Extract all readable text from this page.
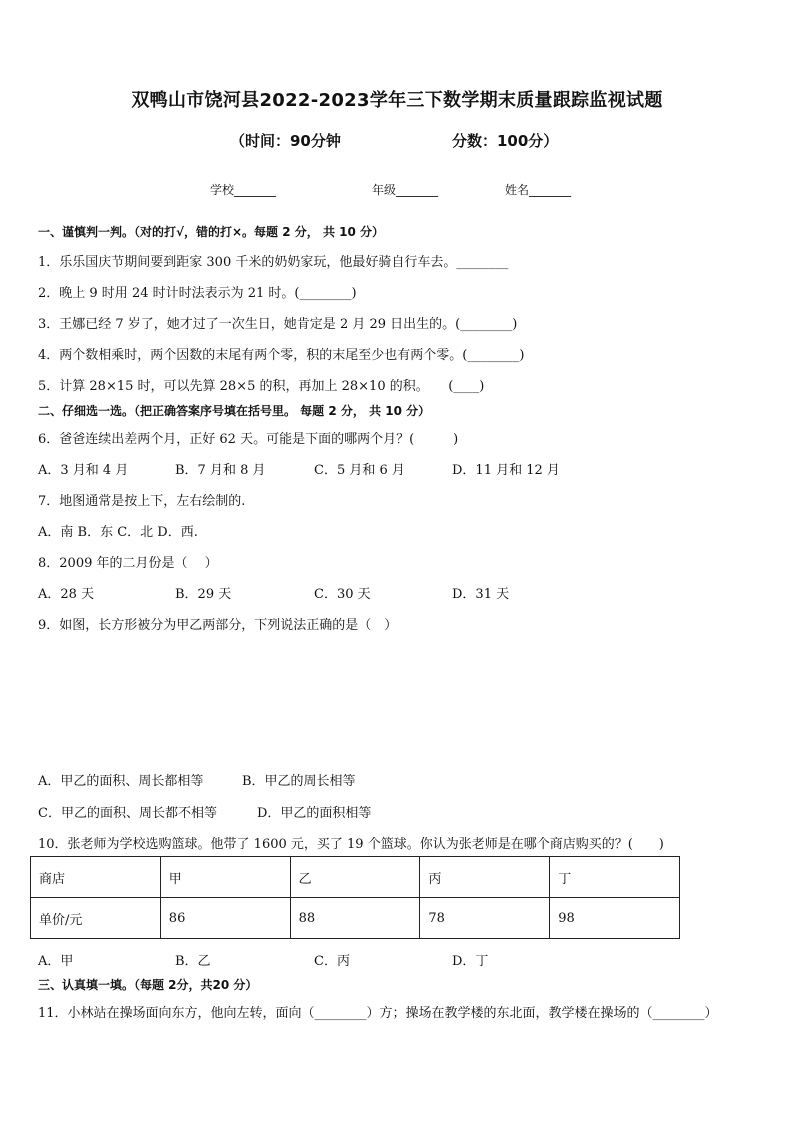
双鸭山市饶河县2022-2023学年三下数学期末质量跟踪监视试题
（时间：90分钟	分数：100分）
学校_______	年级_______	姓名_______
一、谨慎判一判。（对的打√，错的打×。每题 2 分， 共 10 分）
1．乐乐国庆节期间要到距家 300 千米的奶奶家玩，他最好骑自行车去。________
2．晚上 9 时用 24 时计时法表示为 21 时。(________)
3．王娜已经 7 岁了，她才过了一次生日，她肯定是 2 月 29 日出生的。(________)
4．两个数相乘时，两个因数的末尾有两个零，积的末尾至少也有两个零。(________)
5．计算 28×15 时，可以先算 28×5 的积，再加上 28×10 的积。　　(____)
二、仔细选一选。（把正确答案序号填在括号里。 每题 2 分， 共 10 分）
6．爸爸连续出差两个月，正好 62 天。可能是下面的哪两个月？(　　　)
A．3 月和 4 月	B．7 月和 8 月	C．5 月和 6 月	D．11 月和 12 月
7．地图通常是按上下，左右绘制的.
A．南 B．东 C．北 D．西.
8．2009 年的二月份是（　 ）
A．28 天	B．29 天	C．30 天	D．31 天
9．如图，长方形被分为甲乙两部分，下列说法正确的是（　）
A．甲乙的面积、周长都相等	B．甲乙的周长相等
C．甲乙的面积、周长都不相等	D．甲乙的面积相等
10．张老师为学校选购篮球。他带了 1600 元，买了 19 个篮球。你认为张老师是在哪个商店购买的？(　　)
商店	甲	乙	丙	丁
单价/元	86	88	78	98
A．甲	B．乙	C．丙	D．丁
三、认真填一填。（每题 2分，共20 分）
11．小林站在操场面向东方，他向左转，面向（________）方；操场在教学楼的东北面，教学楼在操场的（________）
